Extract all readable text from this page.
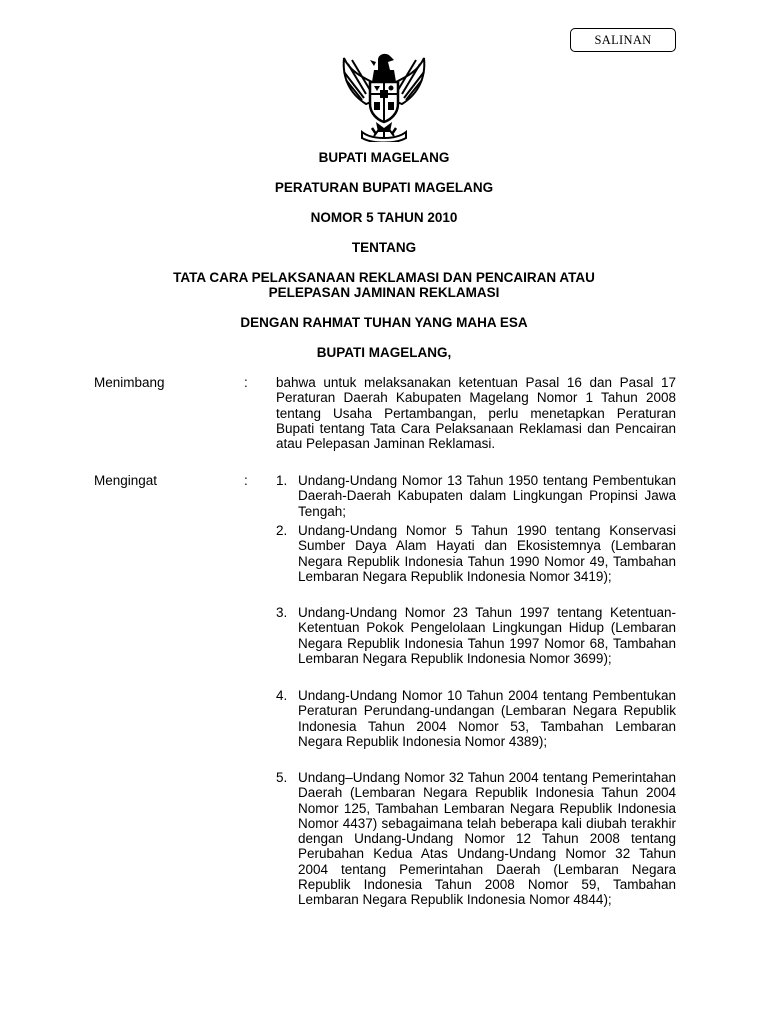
SALINAN
BUPATI MAGELANG
PERATURAN BUPATI MAGELANG
NOMOR 5 TAHUN 2010
TENTANG
TATA CARA PELAKSANAAN REKLAMASI DAN PENCAIRAN ATAU
PELEPASAN JAMINAN REKLAMASI
DENGAN RAHMAT TUHAN YANG MAHA ESA
BUPATI MAGELANG,
Menimbang	: bahwa untuk melaksanakan ketentuan Pasal 16 dan Pasal 17 Peraturan Daerah Kabupaten Magelang Nomor 1 Tahun 2008 tentang Usaha Pertambangan, perlu menetapkan Peraturan Bupati tentang Tata Cara Pelaksanaan Reklamasi dan Pencairan atau Pelepasan Jaminan Reklamasi.
Mengingat	: 1. Undang-Undang Nomor 13 Tahun 1950 tentang Pembentukan Daerah-Daerah Kabupaten dalam Lingkungan Propinsi Jawa Tengah;
2. Undang-Undang Nomor 5 Tahun 1990 tentang Konservasi Sumber Daya Alam Hayati dan Ekosistemnya (Lembaran Negara Republik Indonesia Tahun 1990 Nomor 49, Tambahan Lembaran Negara Republik Indonesia Nomor 3419);
3. Undang-Undang Nomor 23 Tahun 1997 tentang Ketentuan-Ketentuan Pokok Pengelolaan Lingkungan Hidup (Lembaran Negara Republik Indonesia Tahun 1997 Nomor 68, Tambahan Lembaran Negara Republik Indonesia Nomor 3699);
4. Undang-Undang Nomor 10 Tahun 2004 tentang Pembentukan Peraturan Perundang-undangan (Lembaran Negara Republik Indonesia Tahun 2004 Nomor 53, Tambahan Lembaran Negara Republik Indonesia Nomor 4389);
5. Undang–Undang Nomor 32 Tahun 2004 tentang Pemerintahan Daerah (Lembaran Negara Republik Indonesia Tahun 2004 Nomor 125, Tambahan Lembaran Negara Republik Indonesia Nomor 4437) sebagaimana telah beberapa kali diubah terakhir dengan Undang-Undang Nomor 12 Tahun 2008 tentang Perubahan Kedua Atas Undang-Undang Nomor 32 Tahun 2004 tentang Pemerintahan Daerah (Lembaran Negara Republik Indonesia Tahun 2008 Nomor 59, Tambahan Lembaran Negara Republik Indonesia Nomor 4844);
